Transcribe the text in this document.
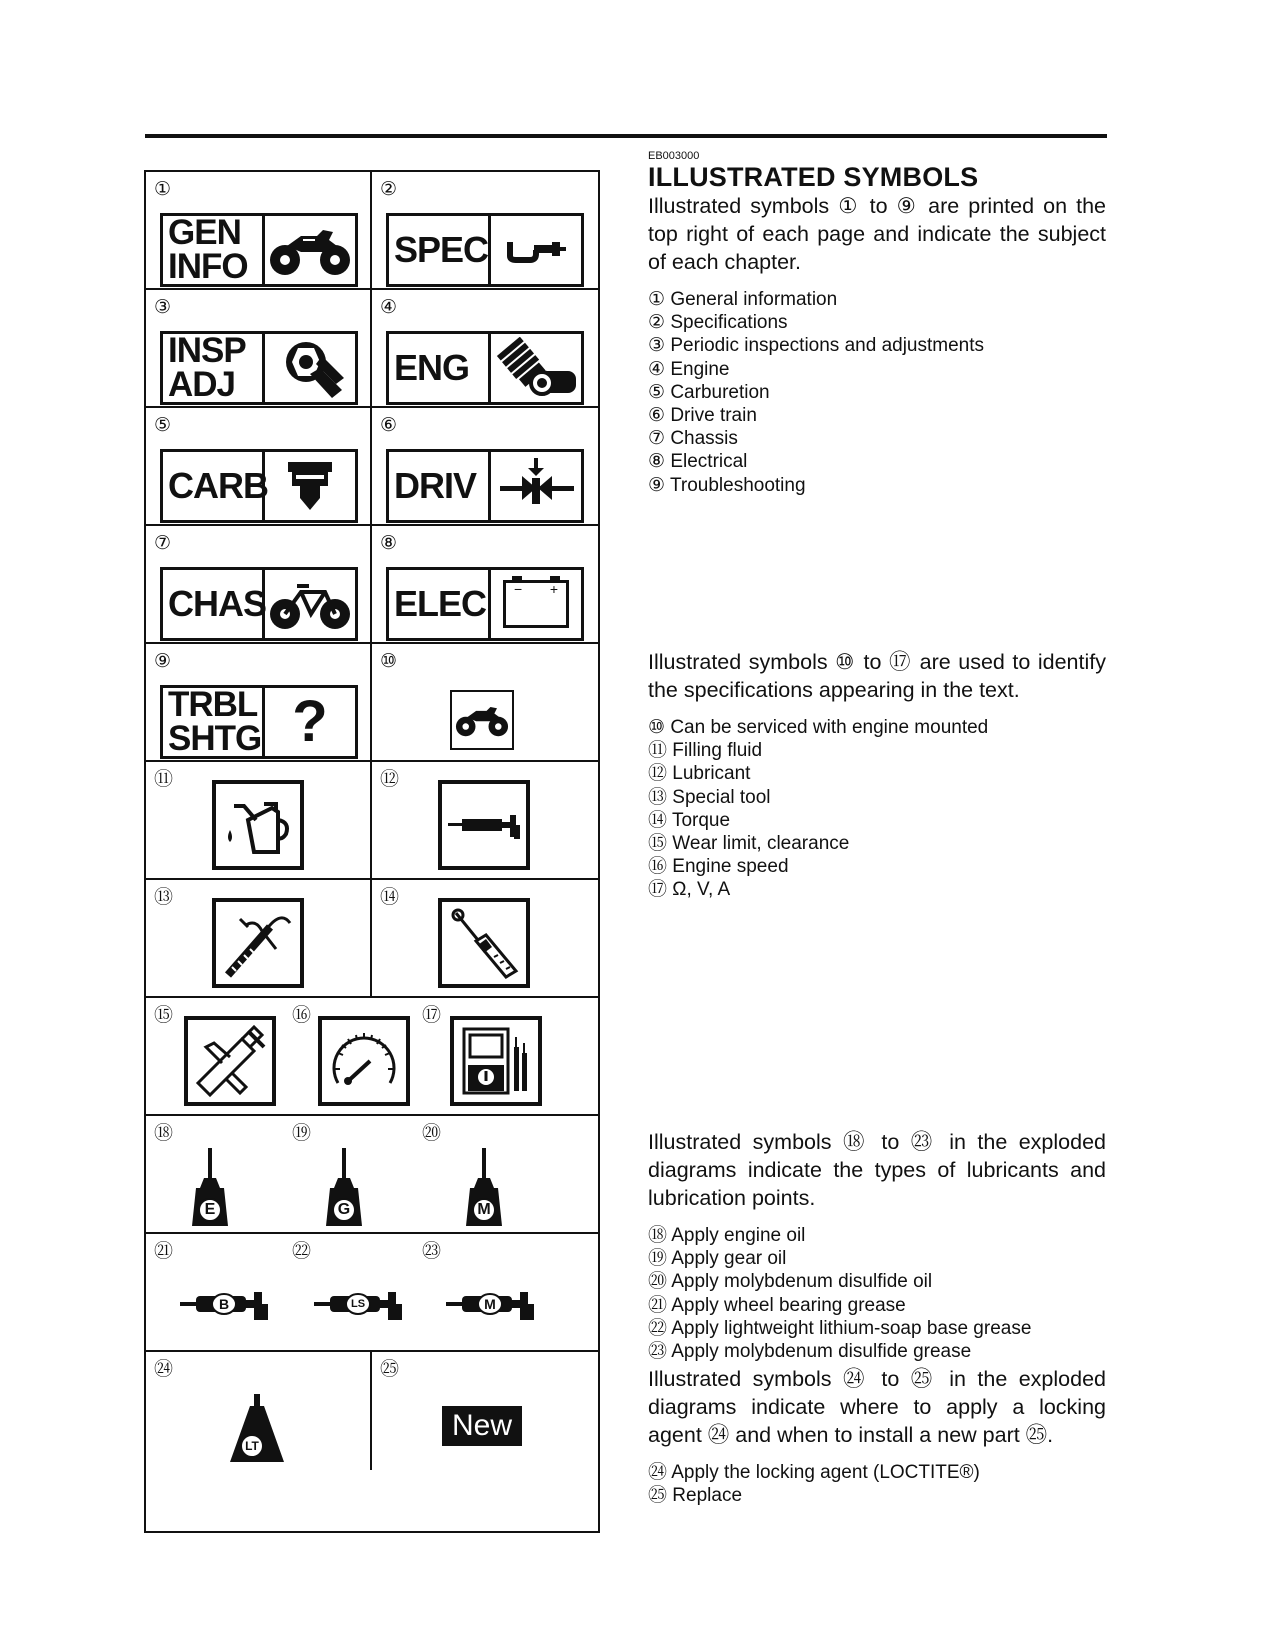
①
GEN
INFO
②
SPEC
③
INSP
ADJ
④
ENG
⑤
CARB
⑥
DRIV
⑦
CHAS
⑧
ELEC − +
⑨
TRBL
SHTG ?
⑩
⑪	⑫
⑬	⑭
⑮	⑯	⑰
⑱
E
⑲
G
⑳
M
㉑
B
㉒
LS
㉓
M
㉔
LT
㉕
New
EB003000
ILLUSTRATED SYMBOLS

Illustrated symbols ① to ⑨ are printed on the top right of each page and indicate the subject of each chapter.

① General information
② Specifications
③ Periodic inspections and adjustments
④ Engine
⑤ Carburetion
⑥ Drive train
⑦ Chassis
⑧ Electrical
⑨ Troubleshooting

Illustrated symbols ⑩ to ⑰ are used to identify the specifications appearing in the text.

⑩ Can be serviced with engine mounted
⑪ Filling fluid
⑫ Lubricant
⑬ Special tool
⑭ Torque
⑮ Wear limit, clearance
⑯ Engine speed
⑰ Ω, V, A

Illustrated symbols ⑱ to ㉓ in the exploded diagrams indicate the types of lubricants and lubrication points.

⑱ Apply engine oil
⑲ Apply gear oil
⑳ Apply molybdenum disulfide oil
㉑ Apply wheel bearing grease
㉒ Apply lightweight lithium-soap base grease
㉓ Apply molybdenum disulfide grease

Illustrated symbols ㉔ to ㉕ in the exploded diagrams indicate where to apply a locking agent ㉔ and when to install a new part ㉕.

㉔ Apply the locking agent (LOCTITE®)
㉕ Replace
